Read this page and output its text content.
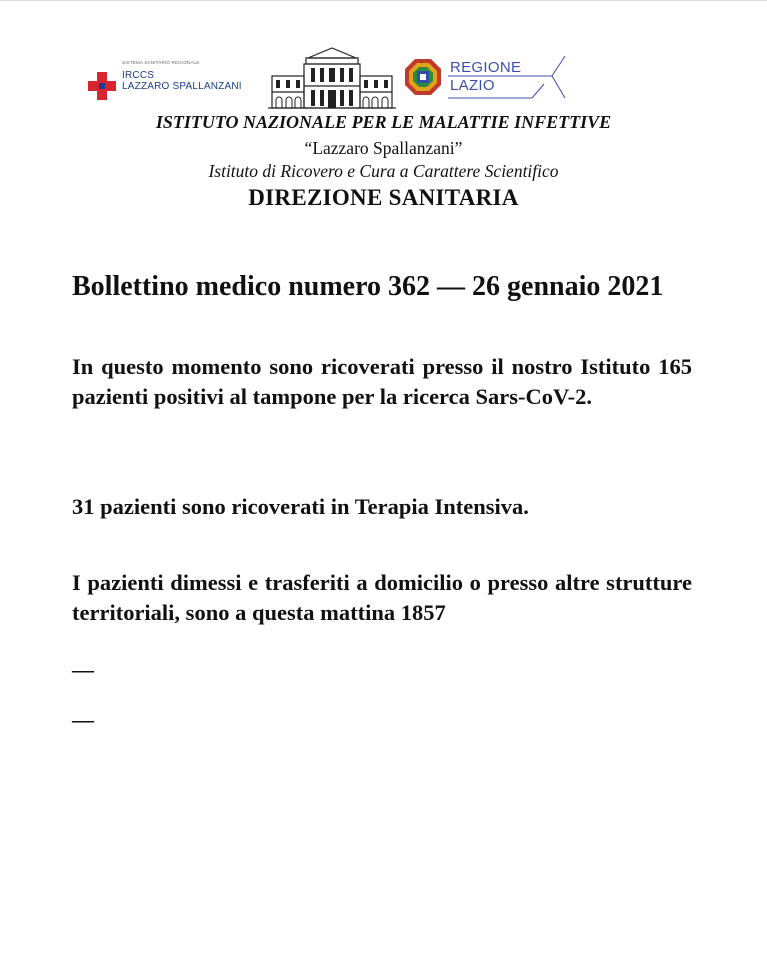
SISTEMA SANITARIO REGIONALE
IRCCS
LAZZARO SPALLANZANI
REGIONE
LAZIO
ISTITUTO NAZIONALE PER LE MALATTIE INFETTIVE
“Lazzaro Spallanzani”
Istituto di Ricovero e Cura a Carattere Scientifico
DIREZIONE SANITARIA
Bollettino medico numero 362 — 26 gennaio 2021
In questo momento sono ricoverati presso il nostro Istituto 165 pazienti positivi al tampone per la ricerca Sars-CoV-2.
31 pazienti sono ricoverati in Terapia Intensiva.
I pazienti dimessi e trasferiti a domicilio o presso altre strutture territoriali, sono a questa mattina 1857
—
—
